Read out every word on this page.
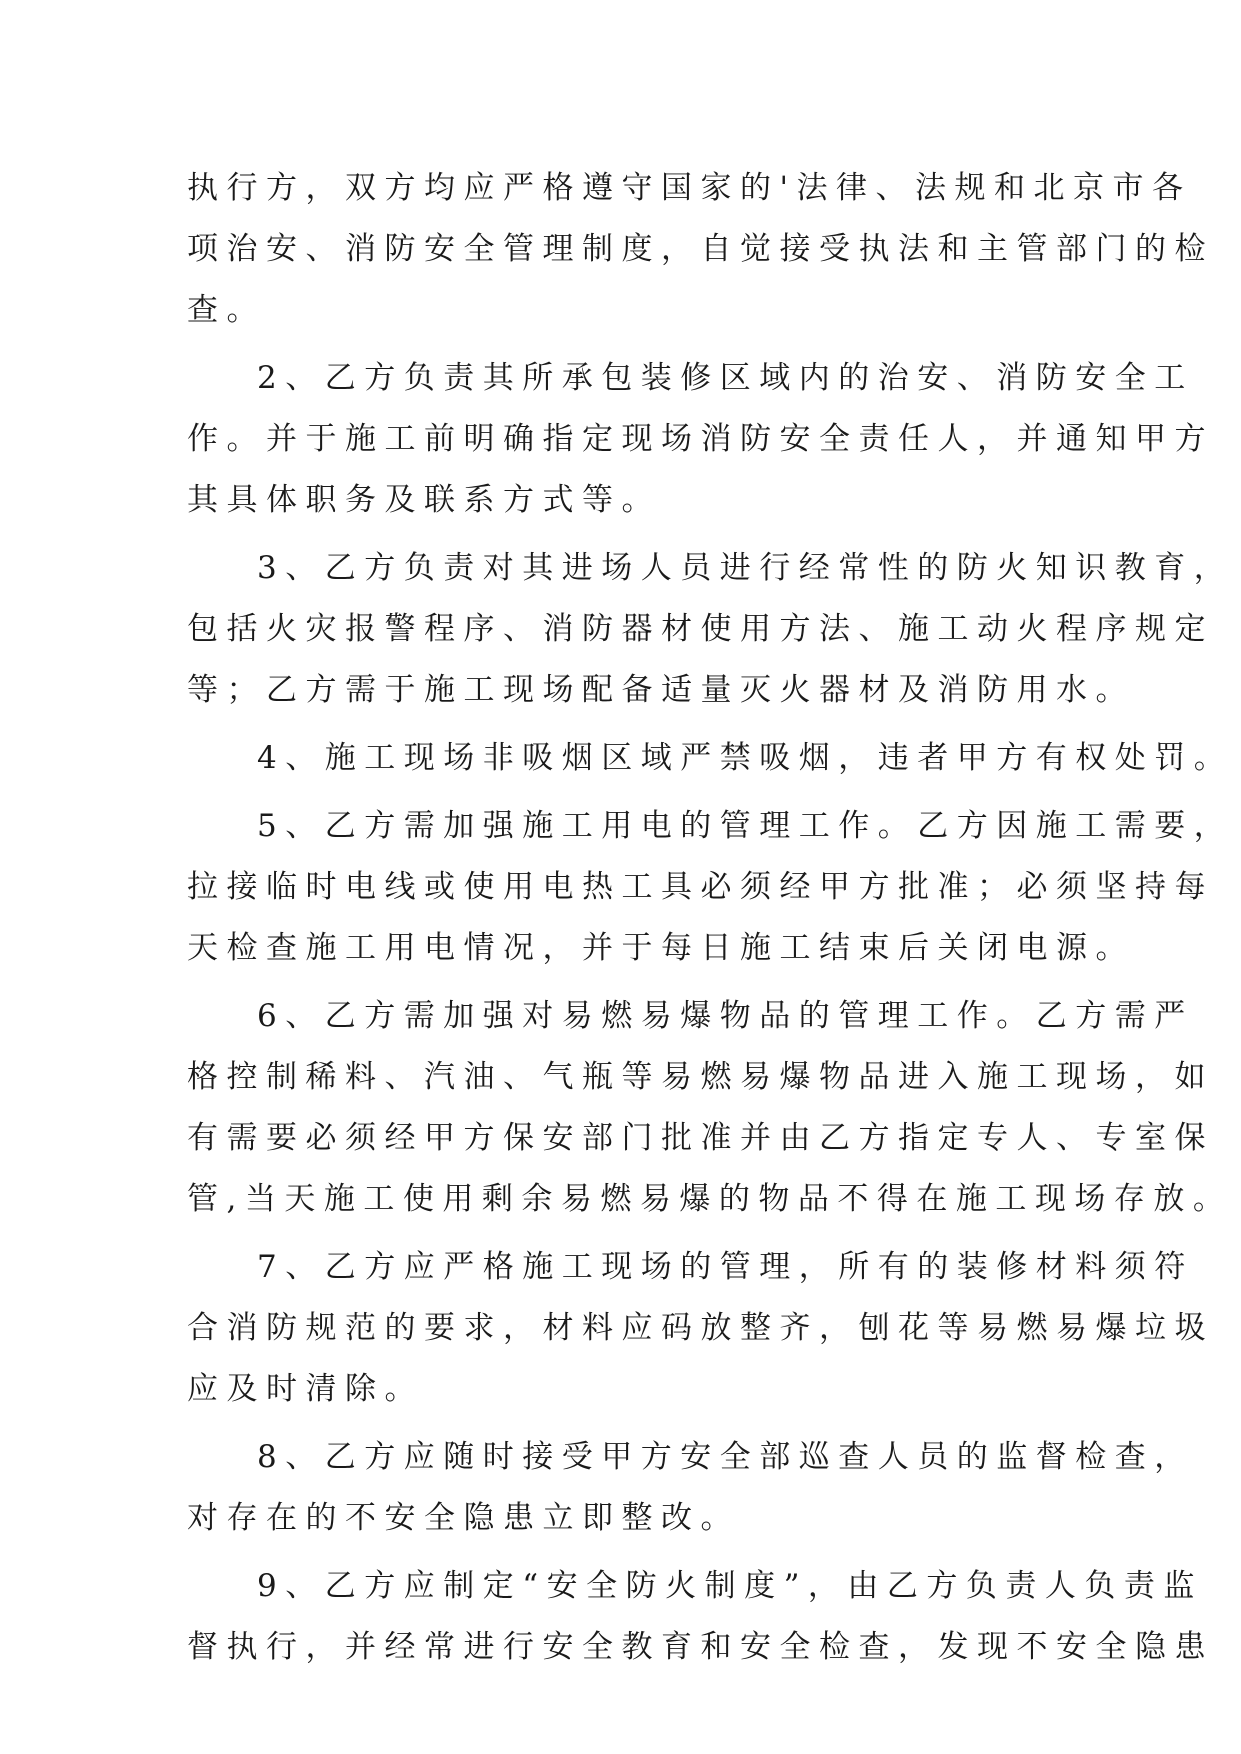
执行方，双方均应严格遵守国家的'法律、法规和北京市各
项治安、消防安全管理制度，自觉接受执法和主管部门的检
查。
2、乙方负责其所承包装修区域内的治安、消防安全工
作。并于施工前明确指定现场消防安全责任人，并通知甲方
其具体职务及联系方式等。
3、乙方负责对其进场人员进行经常性的防火知识教育，
包括火灾报警程序、消防器材使用方法、施工动火程序规定
等；乙方需于施工现场配备适量灭火器材及消防用水。
4、施工现场非吸烟区域严禁吸烟，违者甲方有权处罚。
5、乙方需加强施工用电的管理工作。乙方因施工需要，
拉接临时电线或使用电热工具必须经甲方批准；必须坚持每
天检查施工用电情况，并于每日施工结束后关闭电源。
6、乙方需加强对易燃易爆物品的管理工作。乙方需严
格控制稀料、汽油、气瓶等易燃易爆物品进入施工现场，如
有需要必须经甲方保安部门批准并由乙方指定专人、专室保
管,当天施工使用剩余易燃易爆的物品不得在施工现场存放。
7、乙方应严格施工现场的管理，所有的装修材料须符
合消防规范的要求，材料应码放整齐，刨花等易燃易爆垃圾
应及时清除。
8、乙方应随时接受甲方安全部巡查人员的监督检查，
对存在的不安全隐患立即整改。
9、乙方应制定“安全防火制度”，由乙方负责人负责监
督执行，并经常进行安全教育和安全检查，发现不安全隐患
